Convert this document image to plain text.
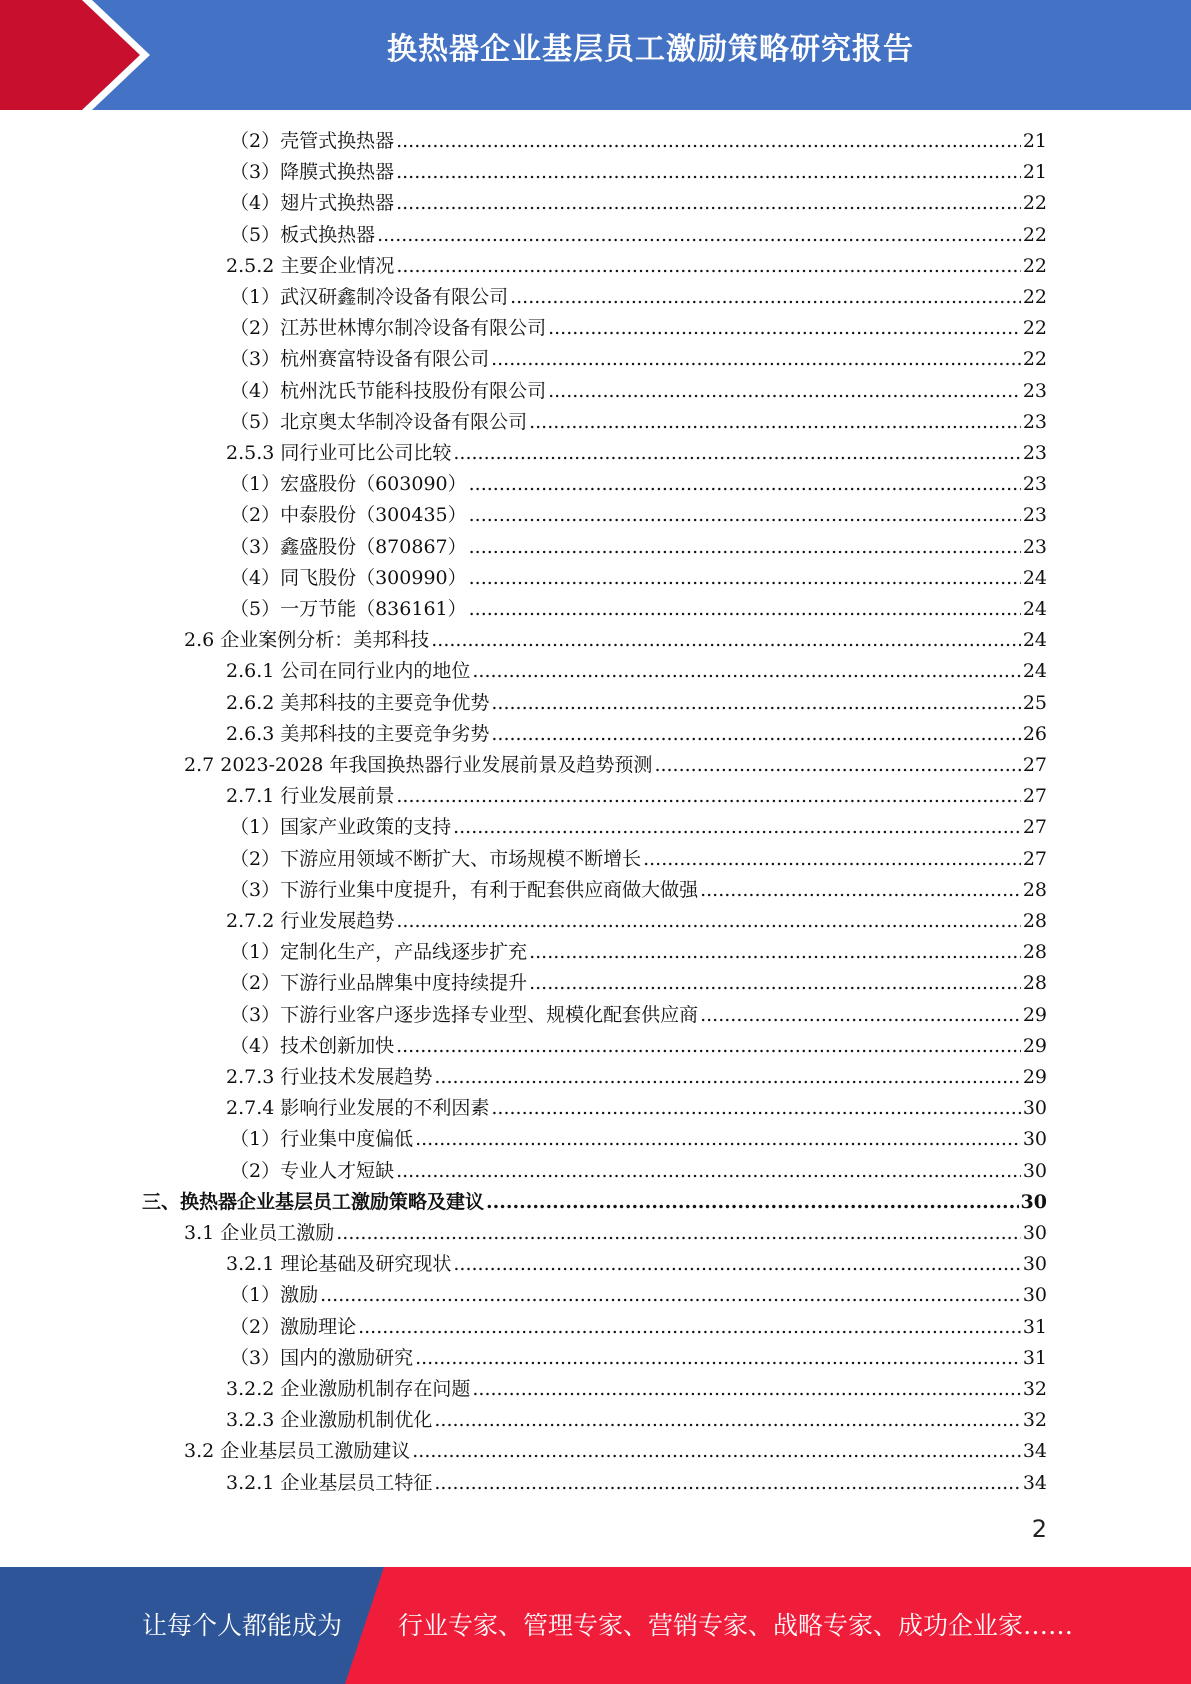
换热器企业基层员工激励策略研究报告
（2）壳管式换热器 .....	21
（3）降膜式换热器 .....	21
（4）翅片式换热器 .....	22
（5）板式换热器 .....	22
2.5.2 主要企业情况 .....	22
（1）武汉研鑫制冷设备有限公司 .....	22
（2）江苏世林博尔制冷设备有限公司 .....	22
（3）杭州赛富特设备有限公司 .....	22
（4）杭州沈氏节能科技股份有限公司 .....	23
（5）北京奥太华制冷设备有限公司 .....	23
2.5.3 同行业可比公司比较 .....	23
（1）宏盛股份（603090） .....	23
（2）中泰股份（300435） .....	23
（3）鑫盛股份（870867） .....	23
（4）同飞股份（300990） .....	24
（5）一万节能（836161） .....	24
2.6 企业案例分析：美邦科技 .....	24
2.6.1 公司在同行业内的地位 .....	24
2.6.2 美邦科技的主要竞争优势 .....	25
2.6.3 美邦科技的主要竞争劣势 .....	26
2.7 2023-2028 年我国换热器行业发展前景及趋势预测 .....	27
2.7.1 行业发展前景 .....	27
（1）国家产业政策的支持 .....	27
（2）下游应用领域不断扩大、市场规模不断增长 .....	27
（3）下游行业集中度提升，有利于配套供应商做大做强 .....	28
2.7.2 行业发展趋势 .....	28
（1）定制化生产，产品线逐步扩充 .....	28
（2）下游行业品牌集中度持续提升 .....	28
（3）下游行业客户逐步选择专业型、规模化配套供应商 .....	29
（4）技术创新加快 .....	29
2.7.3 行业技术发展趋势 .....	29
2.7.4 影响行业发展的不利因素 .....	30
（1）行业集中度偏低 .....	30
（2）专业人才短缺 .....	30
三、换热器企业基层员工激励策略及建议 .....	30
3.1 企业员工激励 .....	30
3.2.1 理论基础及研究现状 .....	30
（1）激励 .....	30
（2）激励理论 .....	31
（3）国内的激励研究 .....	31
3.2.2 企业激励机制存在问题 .....	32
3.2.3 企业激励机制优化 .....	32
3.2 企业基层员工激励建议 .....	34
3.2.1 企业基层员工特征 .....	34
2
让每个人都能成为 行业专家、管理专家、营销专家、战略专家、成功企业家……
